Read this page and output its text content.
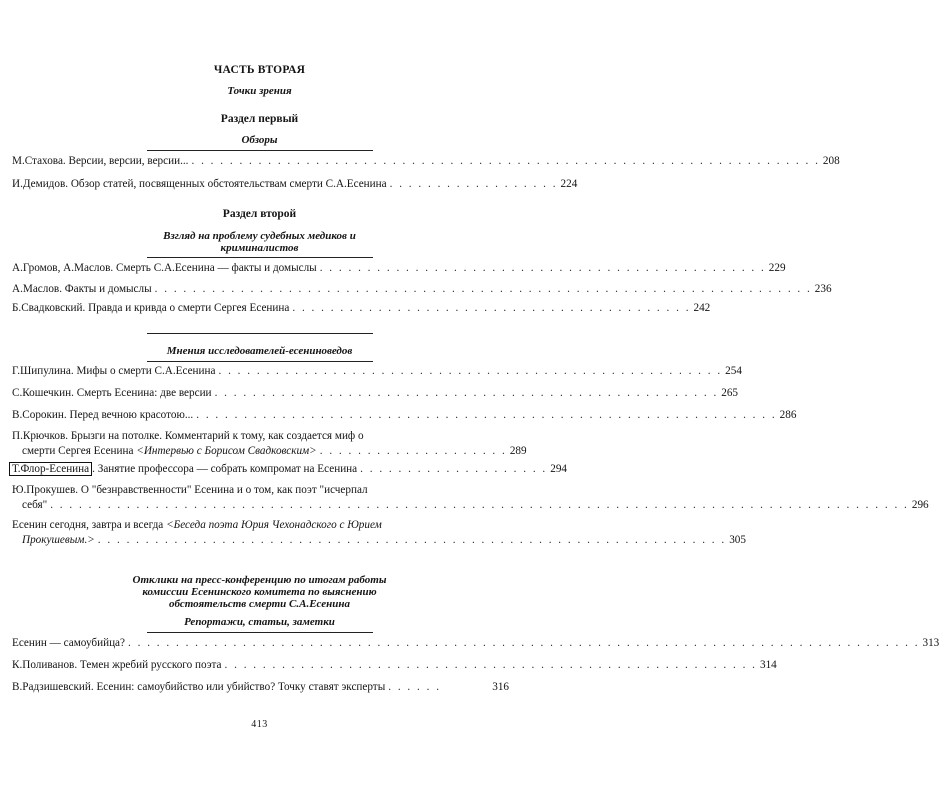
ЧАСТЬ ВТОРАЯ
Точки зрения
Раздел первый
Обзоры
М.Стахова. Версии, версии, версии... . . . . . . . . . . . . . . . . . . . . . . . . . . . . . . . . . . . . . . . . . . . . . . . . . . . . . . . . . . . . . . . . . . 208
И.Демидов. Обзор статей, посвященных обстоятельствам смерти С.А.Есенина . . . . . . . . . . . . . . . . . . 224
Раздел второй
Взгляд на проблему судебных медиков и
криминалистов
А.Громов, А.Маслов. Смерть С.А.Есенина — факты и домыслы . . . . . . . . . . . . . . . . . . . . . . . . . . . . . . . . . . . . . . . . . . . . . . . 229
А.Маслов. Факты и домыслы . . . . . . . . . . . . . . . . . . . . . . . . . . . . . . . . . . . . . . . . . . . . . . . . . . . . . . . . . . . . . . . . . . . . . 236
Б.Свадковский. Правда и кривда о смерти Сергея Есенина . . . . . . . . . . . . . . . . . . . . . . . . . . . . . . . . . . . . . . . . . . 242
Мнения исследователей-есениноведов
Г.Шипулина. Мифы о смерти С.А.Есенина . . . . . . . . . . . . . . . . . . . . . . . . . . . . . . . . . . . . . . . . . . . . . . . . . . . . . 254
С.Кошечкин. Смерть Есенина: две версии . . . . . . . . . . . . . . . . . . . . . . . . . . . . . . . . . . . . . . . . . . . . . . . . . . . . . 265
В.Сорокин. Перед вечною красотою... . . . . . . . . . . . . . . . . . . . . . . . . . . . . . . . . . . . . . . . . . . . . . . . . . . . . . . . . . . . . . 286
П.Крючков. Брызги на потолке. Комментарий к тому, как создается миф о
смерти Сергея Есенина <Интервью с Борисом Свадковским> . . . . . . . . . . . . . . . . . . . . 289
Т.Флор-Есенина . Занятие профессора — собрать компромат на Есенина . . . . . . . . . . . . . . . . . . . . 294
Ю.Прокушев. О "безнравственности" Есенина и о том, как поэт "исчерпал
себя" . . . . . . . . . . . . . . . . . . . . . . . . . . . . . . . . . . . . . . . . . . . . . . . . . . . . . . . . . . . . . . . . . . . . . . . . . . . . . . . . . . . . . . . . . . 296
Есенин сегодня, завтра и всегда <Беседа поэта Юрия Чехонадского с Юрием
Прокушевым.> . . . . . . . . . . . . . . . . . . . . . . . . . . . . . . . . . . . . . . . . . . . . . . . . . . . . . . . . . . . . . . . . . . 305
Отклики на пресс-конференцию по итогам работы
комиссии Есенинского комитета по выяснению
обстоятельств смерти С.А.Есенина
Репортажи, статьи, заметки
Есенин — самоубийца? . . . . . . . . . . . . . . . . . . . . . . . . . . . . . . . . . . . . . . . . . . . . . . . . . . . . . . . . . . . . . . . . . . . . . . . . . . . . . . . . . . . 313
К.Поливанов. Темен жребий русского поэта . . . . . . . . . . . . . . . . . . . . . . . . . . . . . . . . . . . . . . . . . . . . . . . . . . . . . . . . 314
В.Радзишевский. Есенин: самоубийство или убийство? Точку ставят эксперты . . . . . .	316
413
